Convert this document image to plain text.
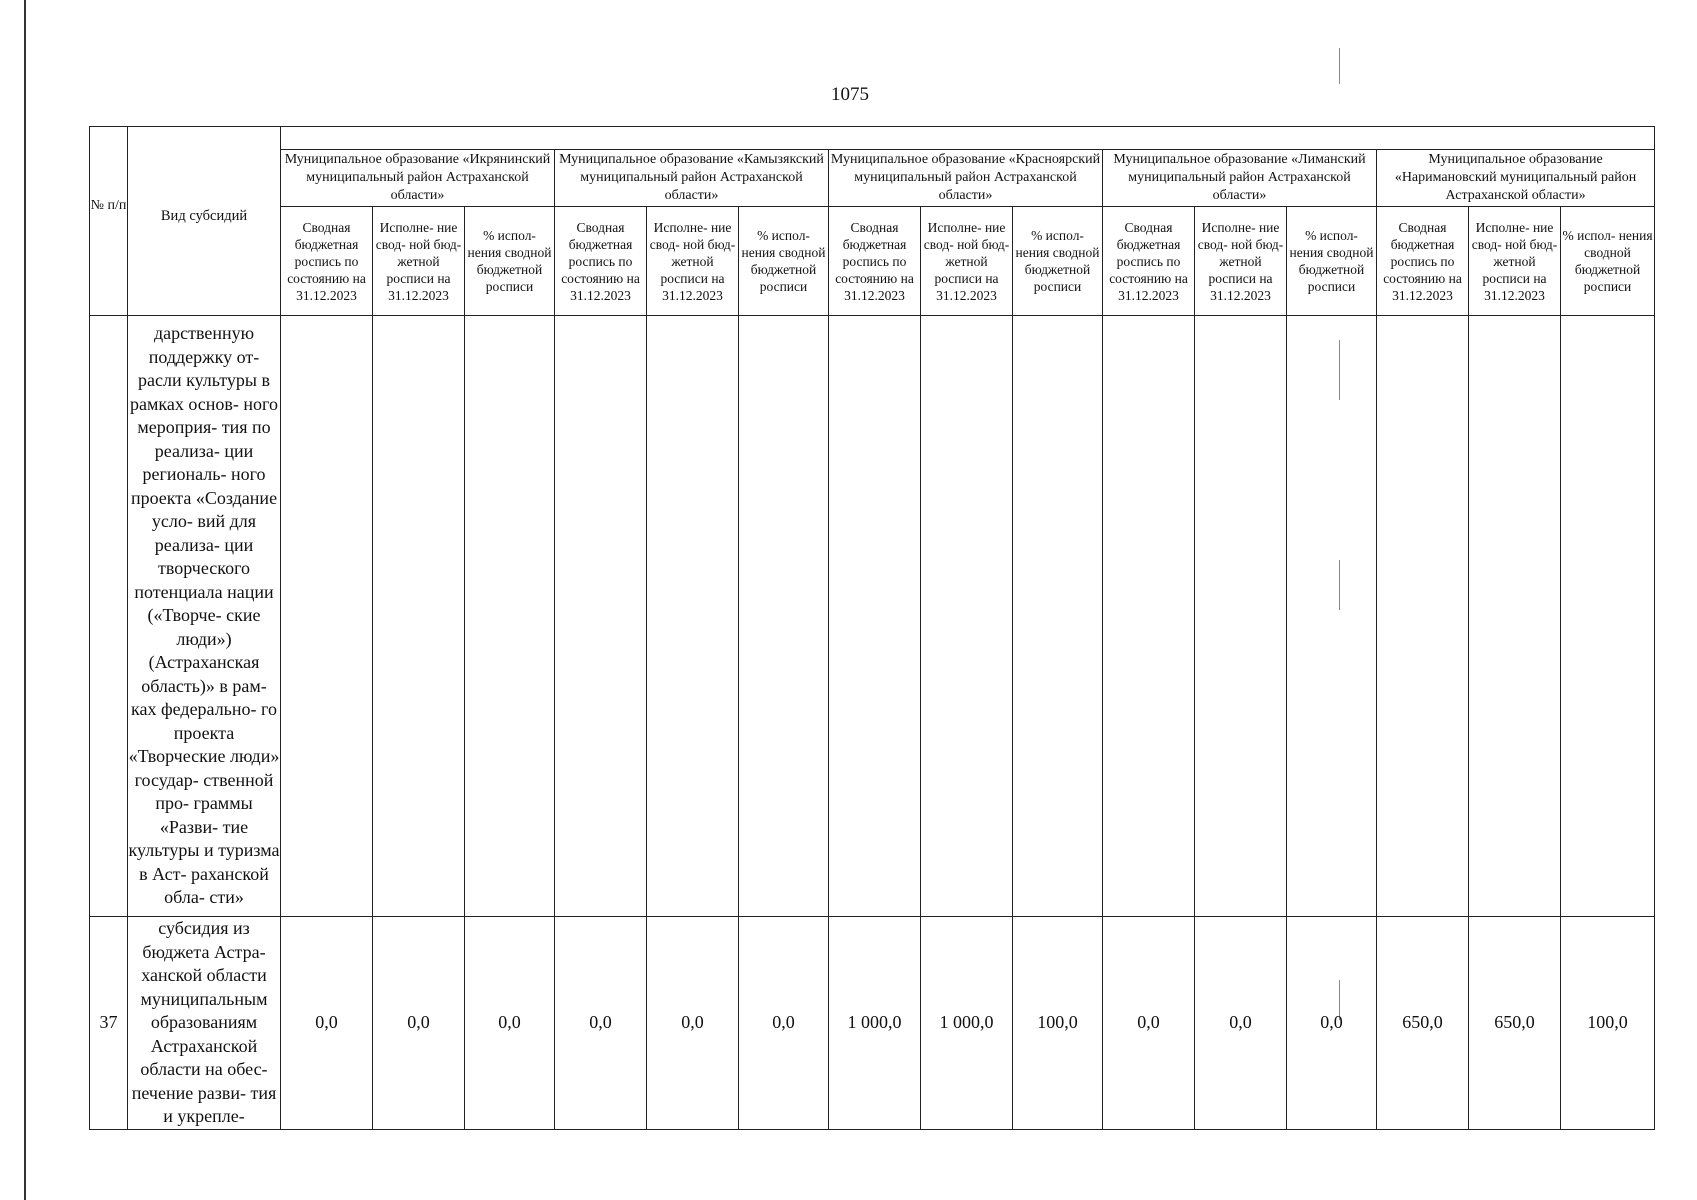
1075
№ п/п	Вид субсидий															
		Муниципальное образование «Икрянинский муниципальный район Астраханской области»			Муниципальное образование «Камызякский муниципальный район Астраханской области»			Муниципальное образование «Красноярский муниципальный район Астраханской области»			Муниципальное образование «Лиманский муниципальный район Астраханской области»			Муниципальное образование «Наримановский муниципальный район Астраханской области»		
		Сводная бюджетная роспись по состоянию на 31.12.2023	Исполне- ние свод- ной бюд- жетной росписи на 31.12.2023	% испол- нения сводной бюджетной росписи	Сводная бюджетная роспись по состоянию на 31.12.2023	Исполне- ние свод- ной бюд- жетной росписи на 31.12.2023	% испол- нения сводной бюджетной росписи	Сводная бюджетная роспись по состоянию на 31.12.2023	Исполне- ние свод- ной бюд- жетной росписи на 31.12.2023	% испол- нения сводной бюджетной росписи	Сводная бюджетная роспись по состоянию на 31.12.2023	Исполне- ние свод- ной бюд- жетной росписи на 31.12.2023	% испол- нения сводной бюджетной росписи	Сводная бюджетная роспись по состоянию на 31.12.2023	Исполне- ние свод- ной бюд- жетной росписи на 31.12.2023	% испол- нения сводной бюджетной росписи
	дарственную поддержку от- расли культуры в рамках основ- ного мероприя- тия по реализа- ции региональ- ного проекта «Создание усло- вий для реализа- ции творческого потенциала нации («Творче- ские люди») (Астраханская область)» в рам- ках федерально- го проекта «Творческие люди» государ- ственной про- граммы «Разви- тие культуры и туризма в Аст- раханской обла- сти»															
37	субсидия из бюджета Астра- ханской области муниципальным образованиям Астраханской области на обес- печение разви- тия и укрепле-	0,0	0,0	0,0	0,0	0,0	0,0	1 000,0	1 000,0	100,0	0,0	0,0	0,0	650,0	650,0	100,0
